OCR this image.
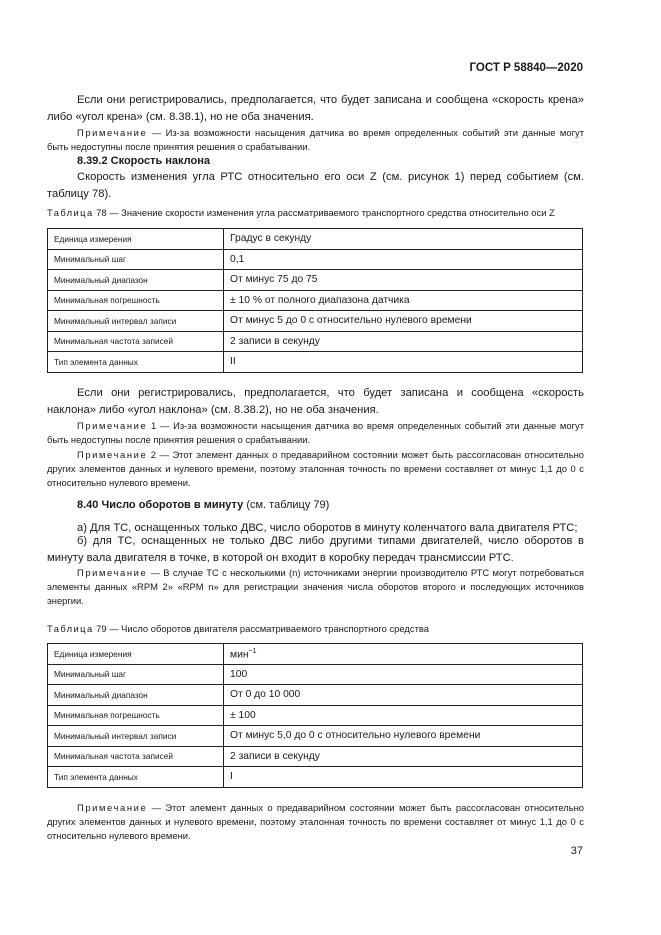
ГОСТ Р 58840—2020

Если они регистрировались, предполагается, что будет записана и сообщена «скорость крена» либо «угол крена» (см. 8.38.1), но не оба значения.

Примечание — Из-за возможности насыщения датчика во время определенных событий эти данные могут быть недоступны после принятия решения о срабатывании.

8.39.2 Скорость наклона

Скорость изменения угла РТС относительно его оси Z (см. рисунок 1) перед событием (см. таблицу 78).

Таблица 78 — Значение скорости изменения угла рассматриваемого транспортного средства относительно оси Z

Единица измерения	Градус в секунду
Минимальный шаг	0,1
Минимальный диапазон	От минус 75 до 75
Минимальная погрешность	± 10 % от полного диапазона датчика
Минимальный интервал записи	От минус 5 до 0 с относительно нулевого времени
Минимальная частота записей	2 записи в секунду
Тип элемента данных	II

Если они регистрировались, предполагается, что будет записана и сообщена «скорость наклона» либо «угол наклона» (см. 8.38.2), но не оба значения.

Примечание 1 — Из-за возможности насыщения датчика во время определенных событий эти данные могут быть недоступны после принятия решения о срабатывании.

Примечание 2 — Этот элемент данных о предаварийном состоянии может быть рассогласован относительно других элементов данных и нулевого времени, поэтому эталонная точность по времени составляет от минус 1,1 до 0 с относительно нулевого времени.

8.40 Число оборотов в минуту (см. таблицу 79)

а) Для ТС, оснащенных только ДВС, число оборотов в минуту коленчатого вала двигателя РТС;

б) для ТС, оснащенных не только ДВС либо другими типами двигателей, число оборотов в минуту вала двигателя в точке, в которой он входит в коробку передач трансмиссии РТС.

Примечание — В случае ТС с несколькими (n) источниками энергии производителю РТС могут потребоваться элементы данных «RPM 2» «RPM n» для регистрации значения числа оборотов второго и последующих источников энергии.

Таблица 79 — Число оборотов двигателя рассматриваемого транспортного средства

Единица измерения	мин$^{-1}$
Минимальный шаг	100
Минимальный диапазон	От 0 до 10 000
Минимальная погрешность	± 100
Минимальный интервал записи	От минус 5,0 до 0 с относительно нулевого времени
Минимальная частота записей	2 записи в секунду
Тип элемента данных	I

Примечание — Этот элемент данных о предаварийном состоянии может быть рассогласован относительно других элементов данных и нулевого времени, поэтому эталонная точность по времени составляет от минус 1,1 до 0 с относительно нулевого времени.

37
